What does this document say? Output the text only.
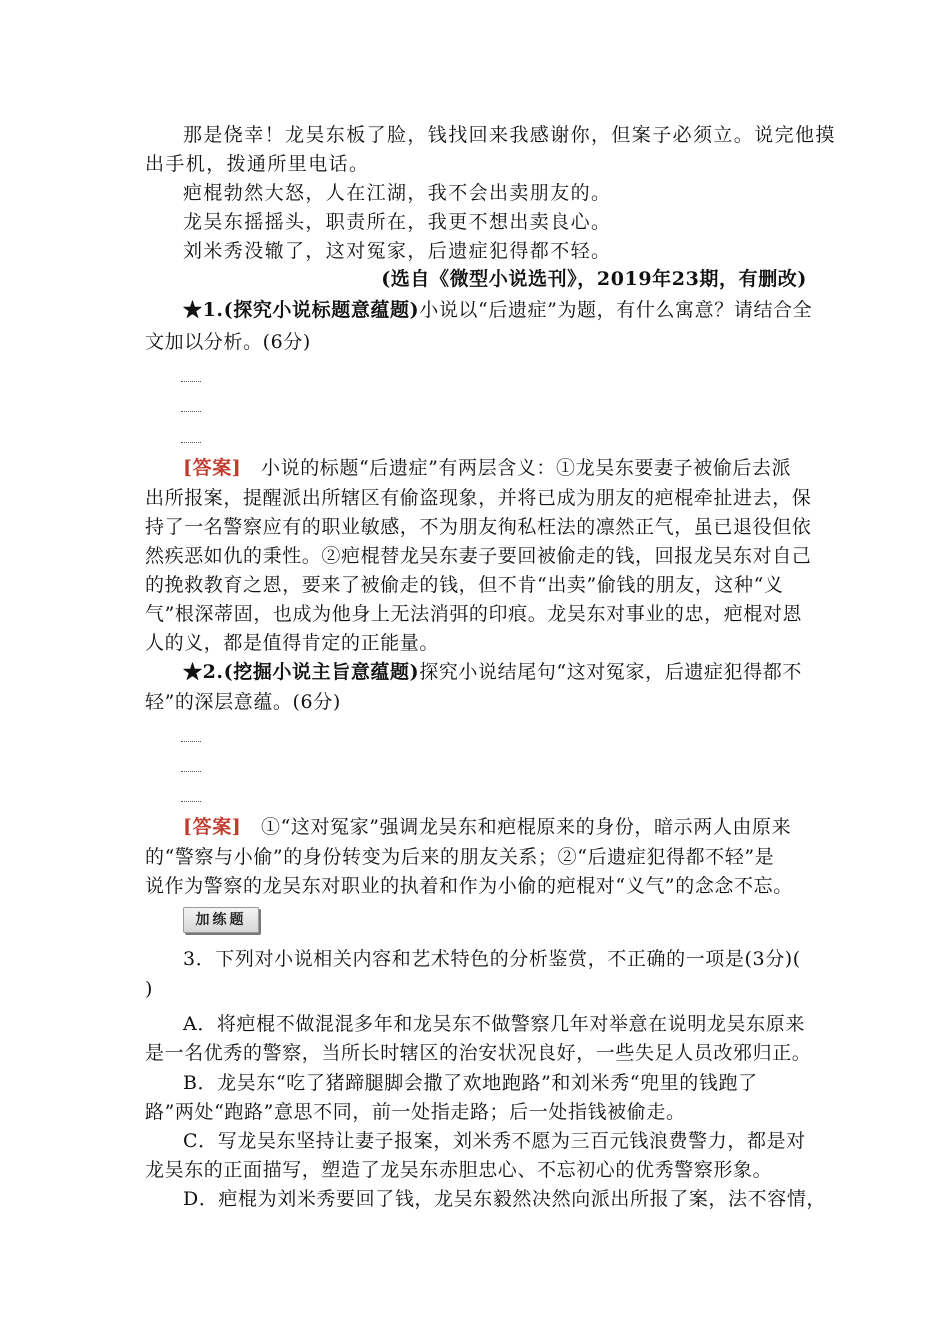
那是侥幸！龙吴东板了脸，钱找回来我感谢你，但案子必须立。说完他摸
出手机，拨通所里电话。
疤棍勃然大怒，人在江湖，我不会出卖朋友的。
龙吴东摇摇头，职责所在，我更不想出卖良心。
刘米秀没辙了，这对冤家，后遗症犯得都不轻。
(选自《微型小说选刊》，2019年23期，有删改)
★1.(探究小说标题意蕴题)小说以“后遗症”为题，有什么寓意？请结合全
文加以分析。(6分)
[答案]　小说的标题“后遗症”有两层含义：①龙吴东要妻子被偷后去派
出所报案，提醒派出所辖区有偷盗现象，并将已成为朋友的疤棍牵扯进去，保
持了一名警察应有的职业敏感，不为朋友徇私枉法的凛然正气，虽已退役但依
然疾恶如仇的秉性。②疤棍替龙吴东妻子要回被偷走的钱，回报龙吴东对自己
的挽救教育之恩，要来了被偷走的钱，但不肯“出卖”偷钱的朋友，这种“义
气”根深蒂固，也成为他身上无法消弭的印痕。龙吴东对事业的忠，疤棍对恩
人的义，都是值得肯定的正能量。
★2.(挖掘小说主旨意蕴题)探究小说结尾句“这对冤家，后遗症犯得都不
轻”的深层意蕴。(6分)
[答案]　①“这对冤家”强调龙吴东和疤棍原来的身份，暗示两人由原来
的“警察与小偷”的身份转变为后来的朋友关系；②“后遗症犯得都不轻”是
说作为警察的龙吴东对职业的执着和作为小偷的疤棍对“义气”的念念不忘。
加练题
3．下列对小说相关内容和艺术特色的分析鉴赏，不正确的一项是(3分)(
)
A．将疤棍不做混混多年和龙吴东不做警察几年对举意在说明龙吴东原来
是一名优秀的警察，当所长时辖区的治安状况良好，一些失足人员改邪归正。
B．龙吴东“吃了猪蹄腿脚会撒了欢地跑路”和刘米秀“兜里的钱跑了
路”两处“跑路”意思不同，前一处指走路；后一处指钱被偷走。
C．写龙吴东坚持让妻子报案，刘米秀不愿为三百元钱浪费警力，都是对
龙吴东的正面描写，塑造了龙吴东赤胆忠心、不忘初心的优秀警察形象。
D．疤棍为刘米秀要回了钱，龙吴东毅然决然向派出所报了案，法不容情，
